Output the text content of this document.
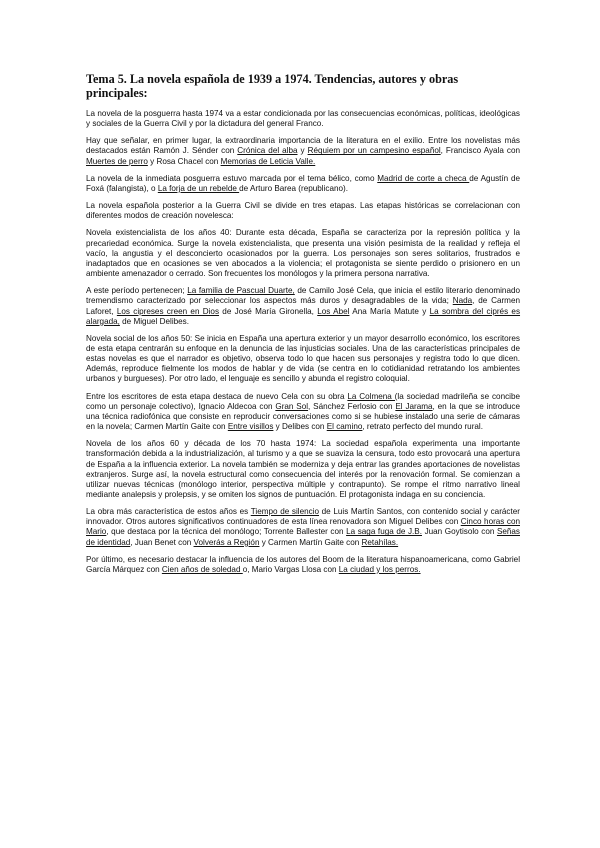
Tema 5. La novela española de 1939 a 1974. Tendencias, autores y obras principales:

La novela de la posguerra hasta 1974 va a estar condicionada por las consecuencias económicas, políticas, ideológicas y sociales de la Guerra Civil y por la dictadura del general Franco.

Hay que señalar, en primer lugar, la extraordinaria importancia de la literatura en el exilio. Entre los novelistas más destacados están Ramón J. Sénder con Crónica del alba y Réquiem por un campesino español, Francisco Ayala con Muertes de perro y Rosa Chacel con Memorias de Leticia Valle.

La novela de la inmediata posguerra estuvo marcada por el tema bélico, como Madrid de corte a checa de Agustín de Foxá (falangista), o La forja de un rebelde de Arturo Barea (republicano).

La novela española posterior a la Guerra Civil se divide en tres etapas. Las etapas históricas se correlacionan con diferentes modos de creación novelesca:

Novela existencialista de los años 40: Durante esta década, España se caracteriza por la represión política y la precariedad económica. Surge la novela existencialista, que presenta una visión pesimista de la realidad y refleja el vacío, la angustia y el desconcierto ocasionados por la guerra. Los personajes son seres solitarios, frustrados e inadaptados que en ocasiones se ven abocados a la violencia; el protagonista se siente perdido o prisionero en un ambiente amenazador o cerrado. Son frecuentes los monólogos y la primera persona narrativa.

A este período pertenecen; La familia de Pascual Duarte, de Camilo José Cela, que inicia el estilo literario denominado tremendismo caracterizado por seleccionar los aspectos más duros y desagradables de la vida; Nada, de Carmen Laforet, Los cipreses creen en Dios de José María Gironella, Los Abel Ana María Matute y La sombra del ciprés es alargada, de Miguel Delibes.

Novela social de los años 50: Se inicia en España una apertura exterior y un mayor desarrollo económico, los escritores de esta etapa centrarán su enfoque en la denuncia de las injusticias sociales. Una de las características principales de estas novelas es que el narrador es objetivo, observa todo lo que hacen sus personajes y registra todo lo que dicen. Además, reproduce fielmente los modos de hablar y de vida (se centra en lo cotidianidad retratando los ambientes urbanos y burgueses). Por otro lado, el lenguaje es sencillo y abunda el registro coloquial.

Entre los escritores de esta etapa destaca de nuevo Cela con su obra La Colmena (la sociedad madrileña se concibe como un personaje colectivo), Ignacio Aldecoa con Gran Sol, Sánchez Ferlosio con El Jarama, en la que se introduce una técnica radiofónica que consiste en reproducir conversaciones como si se hubiese instalado una serie de cámaras en la novela; Carmen Martín Gaite con Entre visillos y Delibes con El camino, retrato perfecto del mundo rural.

Novela de los años 60 y década de los 70 hasta 1974: La sociedad española experimenta una importante transformación debida a la industrialización, al turismo y a que se suaviza la censura, todo esto provocará una apertura de España a la influencia exterior. La novela también se moderniza y deja entrar las grandes aportaciones de novelistas extranjeros. Surge así, la novela estructural como consecuencia del interés por la renovación formal. Se comienzan a utilizar nuevas técnicas (monólogo interior, perspectiva múltiple y contrapunto). Se rompe el ritmo narrativo lineal mediante analepsis y prolepsis, y se omiten los signos de puntuación. El protagonista indaga en su conciencia.

La obra más característica de estos años es Tiempo de silencio de Luis Martín Santos, con contenido social y carácter innovador. Otros autores significativos continuadores de esta línea renovadora son Miguel Delibes con Cinco horas con Mario, que destaca por la técnica del monólogo; Torrente Ballester con La saga fuga de J.B. Juan Goytisolo con Señas de identidad, Juan Benet con Volverás a Región y Carmen Martín Gaite con Retahílas.

Por último, es necesario destacar la influencia de los autores del Boom de la literatura hispanoamericana, como Gabriel García Márquez con Cien años de soledad o, Mario Vargas Llosa con La ciudad y los perros.
